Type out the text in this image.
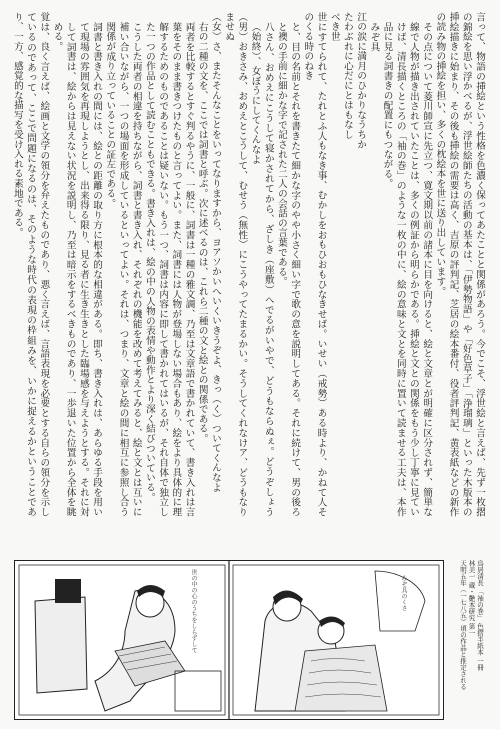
言って、物語の挿絵という性格を色濃く保ってあたことと関係があろう。今でこそ、浮世絵と言えば、先ず一枚摺の錦絵を思い浮かべるが、浮世絵師たちの活動の基本は、「伊勢物語」や「好色草子」「浄瑠璃」といった木版本の挿絵描きに始まり、その後も挿絵の需要は高く、吉原の評判記、芝居の絵本番付、役者評判記、黄表紙などの新作の読み物の挿絵を担い、多くの枕絵本を世に送り出しています。

その点について菱川師宣に先立つ、寛文期以前の諸本に目を向けると、絵と文章とが明確に区分されず、簡単な線で人物が描き出されていたことは、多くの例証から明らかである。挿絵と文との関係をもう少し丁寧に見ていけば、清長描くところの「袖の巻」のような一枚の中に、絵の意味と文とを同時に置いて読ませる工夫は、本作品に見る詞書きの配置にもつながる。

みぞ具

江の涙に満月のひかりなうちか

たわぶれに心だにとはもなし

べき世

世にすてられて、たれとふ人もなき事、むかしをおもひおもひなきせば。いせい（戒勢）ある時より、かねて人そのくる時のねき

と、目の名前とそれを書きたて細かな字のやや小さく細い字で歌の意を説明してある。それに続けて、男の後ろと襖の手前に細かな字で記された二人の会話の言葉である。

八さん、おめえにこうして寝かされてから、ざしき（座敷）へでるがいやで、どうもならぬぇ。どうぞしょう（始終）、女ぼうにしてくんなよ

（男）おきさみ、おめえとこうして、むせう（無性）にこうやってたまるかい。そうしてくれなけア、どうもなりませぬ

（女）さ、またそんなことをいってなりますから、ヨアソかいへいくいきうぞよ、きっ（く）ついてくんなよ

右の二種の文を、ここでは詞書と呼ぶ。次に述べるのは、これら二種の文と絵との関係である。

両者を比較するとすぐ判るやうに、一般に、詞書は一種の雅文調、乃至は文章語で書かれていて、書き入れは言葉をそのまま書きつけたものと言ってよい。また、詞書には人物が登場しない場合もあり、絵をより具体的に理解するためのものであることは疑いない。もう一つ、詞書は内容に即して書かれてはいるが、それ自体で独立した一つの作品として読むこともできる。書き入れは、絵の中の人物の表情や動作とより深く結びついている。

こうした両者の相違を持ちながら、詞書と書き入れ、それぞれの機能を改めて考えてみると、絵と文とは互いに補い合いながら、一つの場面を形成しているといってよい。それは、つまり、文章と絵の間に相互に参照し合う関係が成り立っていることの証左である。

詞書と書き入れの間には、絵との距離の取り方に根本的な相違がある。即ち、書き入れは、あらゆる手段を用いて現場の雰囲気を再現しようとし、出来得る限り、見る者に生き生きとした臨場感を与えようとする。それに対して詞書は、絵からは見えない状況を説明し、乃至は暗示をするべきものであり、一歩退いた位置から全体を眺める。

覚は、良く言えば、絵画と文学の領分を弁えたものであり、悪く言えば、言語表現を必要とする自らの領分を示しているのであって、ここで問題になるのは、そのような時代の表現の枠組みを、いかに捉えるかということであり、一方、感覚的な描写を受け入れる素地である。

世の中の心のうちをしらずして	みぞ具のくさ	鳥居清長 「袖の巻」 色摺半紙本 一冊
林美一 蔵・艶本研究 第一
天明五年（一七八五）頃の作品と推定される
